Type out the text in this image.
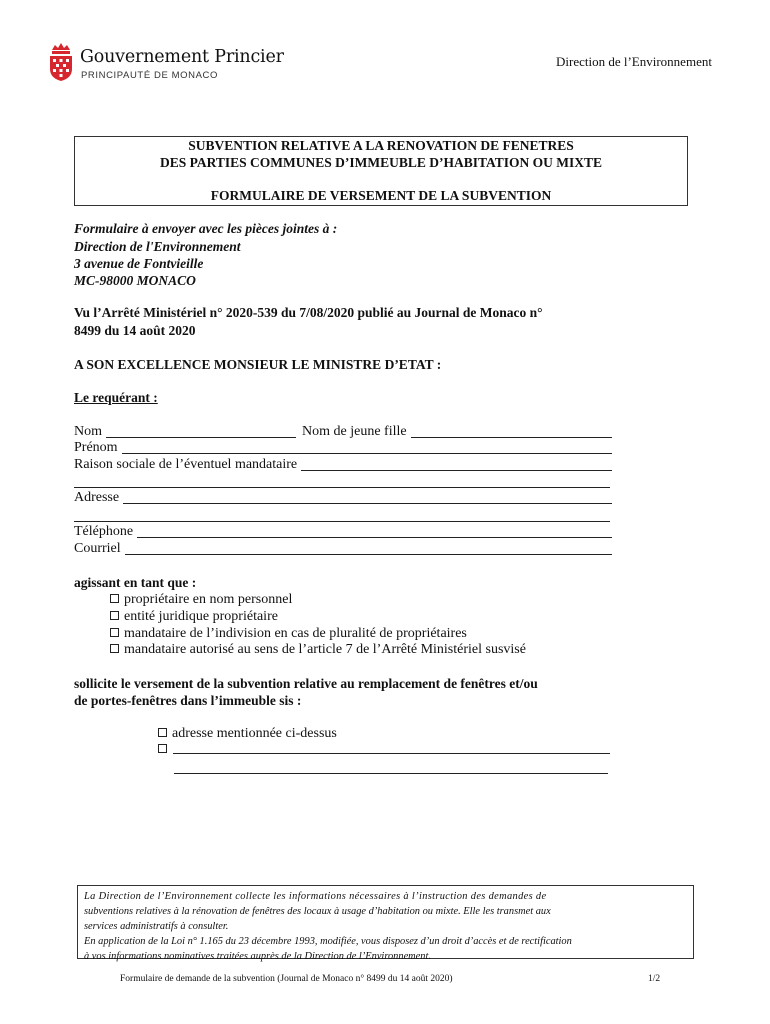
Gouvernement Princier
PRINCIPAUTÉ DE MONACO
Direction de l’Environnement
SUBVENTION RELATIVE A LA RENOVATION DE FENETRES
DES PARTIES COMMUNES D’IMMEUBLE D’HABITATION OU MIXTE
FORMULAIRE DE VERSEMENT DE LA SUBVENTION
Formulaire à envoyer avec les pièces jointes à :
Direction de l'Environnement
3 avenue de Fontvieille
MC-98000 MONACO
Vu l’Arrêté Ministériel n° 2020-539 du 7/08/2020 publié au Journal de Monaco n°
8499 du 14 août 2020
A SON EXCELLENCE MONSIEUR LE MINISTRE D’ETAT :
Le requérant :
Nom	Nom de jeune fille
Prénom
Raison sociale de l’éventuel mandataire
Adresse
Téléphone
Courriel
agissant en tant que :
propriétaire en nom personnel
entité juridique propriétaire
mandataire de l’indivision en cas de pluralité de propriétaires
mandataire autorisé au sens de l’article 7 de l’Arrêté Ministériel susvisé
sollicite le versement de la subvention relative au remplacement de fenêtres et/ou
de portes-fenêtres dans l’immeuble sis :
adresse mentionnée ci-dessus
La Direction de l’Environnement collecte les informations nécessaires à l’instruction des demandes de
subventions relatives à la rénovation de fenêtres des locaux à usage d’habitation ou mixte. Elle les transmet aux
services administratifs à consulter.
En application de la Loi n° 1.165 du 23 décembre 1993, modifiée, vous disposez d’un droit d’accès et de rectification
à vos informations nominatives traitées auprès de la Direction de l’Environnement.
Formulaire de demande de la subvention (Journal de Monaco n° 8499 du 14 août 2020)	1/2
